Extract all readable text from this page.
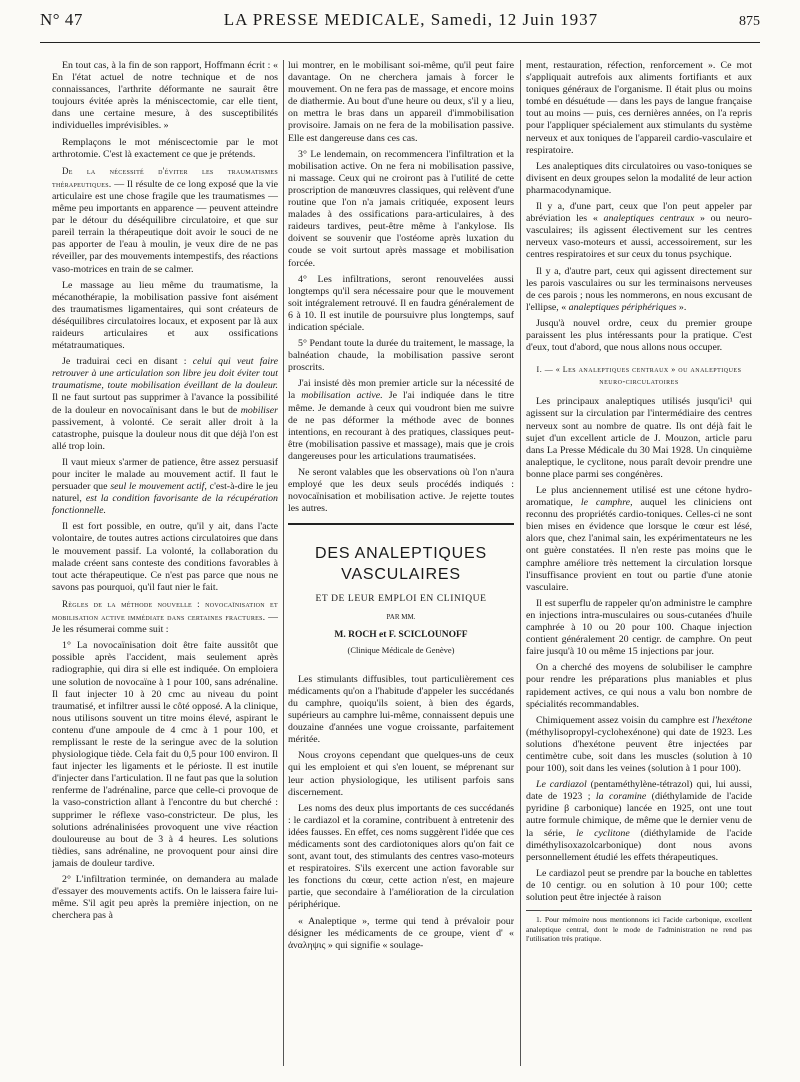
N° 47	LA PRESSE MEDICALE, Samedi, 12 Juin 1937	875

En tout cas, à la fin de son rapport, Hoffmann écrit : « En l'état actuel de notre technique et de nos connaissances, l'arthrite déformante ne saurait être toujours évitée après la méniscectomie, car elle tient, dans une certaine mesure, à des susceptibilités individuelles imprévisibles. »

Remplaçons le mot méniscectomie par le mot arthrotomie. C'est là exactement ce que je prétends.

De la nécessité d'éviter les traumatismes thérapeutiques. — Il résulte de ce long exposé que la vie articulaire est une chose fragile que les traumatismes — même peu importants en apparence — peuvent atteindre par le détour du déséquilibre circulatoire, et que sur pareil terrain la thérapeutique doit avoir le souci de ne pas apporter de l'eau à moulin, je veux dire de ne pas réveiller, par des mouvements intempestifs, des réactions vaso-motrices en train de se calmer.

Le massage au lieu même du traumatisme, la mécanothérapie, la mobilisation passive font aisément des traumatismes ligamentaires, qui sont créateurs de déséquilibres circulatoires locaux, et exposent par là aux raideurs articulaires et aux ossifications métatraumatiques.

Je traduirai ceci en disant : celui qui veut faire retrouver à une articulation son libre jeu doit éviter tout traumatisme, toute mobilisation éveillant de la douleur. Il ne faut surtout pas supprimer à l'avance la possibilité de la douleur en novocaïnisant dans le but de mobiliser passivement, à volonté. Ce serait aller droit à la catastrophe, puisque la douleur nous dit que déjà l'on est allé trop loin.

Il vaut mieux s'armer de patience, être assez persuasif pour inciter le malade au mouvement actif. Il faut le persuader que seul le mouvement actif, c'est-à-dire le jeu naturel, est la condition favorisante de la récupération fonctionnelle.

Il est fort possible, en outre, qu'il y ait, dans l'acte volontaire, de toutes autres actions circulatoires que dans le mouvement passif. La volonté, la collaboration du malade créent sans conteste des conditions favorables à tout acte thérapeutique. Ce n'est pas parce que nous ne savons pas pourquoi, qu'il faut nier le fait.

Règles de la méthode nouvelle : novocaïnisation et mobilisation active immédiate dans certaines fractures. — Je les résumerai comme suit :

1° La novocaïnisation doit être faite aussitôt que possible après l'accident, mais seulement après radiographie, qui dira si elle est indiquée. On emploiera une solution de novocaïne à 1 pour 100, sans adrénaline. Il faut injecter 10 à 20 cmc au niveau du point traumatisé, et infiltrer aussi le côté opposé. A la clinique, nous utilisons souvent un titre moins élevé, aspirant le contenu d'une ampoule de 4 cmc à 1 pour 100, et remplissant le reste de la seringue avec de la solution physiologique tiède. Cela fait du 0,5 pour 100 environ. Il faut injecter les ligaments et le périoste. Il est inutile d'injecter dans l'articulation. Il ne faut pas que la solution renferme de l'adrénaline, parce que celle-ci provoque de la vaso-constriction allant à l'encontre du but cherché : supprimer le réflexe vaso-constricteur. De plus, les solutions adrénalinisées provoquent une vive réaction douloureuse au bout de 3 à 4 heures. Les solutions tièdies, sans adrénaline, ne provoquent pour ainsi dire jamais de douleur tardive.

2° L'infiltration terminée, on demandera au malade d'essayer des mouvements actifs. On le laissera faire lui-même. S'il agit peu après la première injection, on ne cherchera pas à

lui montrer, en le mobilisant soi-même, qu'il peut faire davantage. On ne cherchera jamais à forcer le mouvement. On ne fera pas de massage, et encore moins de diathermie. Au bout d'une heure ou deux, s'il y a lieu, on mettra le bras dans un appareil d'immobilisation provisoire. Jamais on ne fera de la mobilisation passive. Elle est dangereuse dans ces cas.

3° Le lendemain, on recommencera l'infiltration et la mobilisation active. On ne fera ni mobilisation passive, ni massage. Ceux qui ne croiront pas à l'utilité de cette proscription de manœuvres classiques, qui relèvent d'une routine que l'on n'a jamais critiquée, exposent leurs malades à des ossifications para-articulaires, à des raideurs tardives, peut-être même à l'ankylose. Ils doivent se souvenir que l'ostéome après luxation du coude se voit surtout après massage et mobilisation forcée.

4° Les infiltrations, seront renouvelées aussi longtemps qu'il sera nécessaire pour que le mouvement soit intégralement retrouvé. Il en faudra généralement de 6 à 10. Il est inutile de poursuivre plus longtemps, sauf indication spéciale.

5° Pendant toute la durée du traitement, le massage, la balnéation chaude, la mobilisation passive seront proscrits.

J'ai insisté dès mon premier article sur la nécessité de la mobilisation active. Je l'ai indiquée dans le titre même. Je demande à ceux qui voudront bien me suivre de ne pas déformer la méthode avec de bonnes intentions, en recourant à des pratiques, classiques peut-être (mobilisation passive et massage), mais que je crois dangereuses pour les articulations traumatisées.

Ne seront valables que les observations où l'on n'aura employé que les deux seuls procédés indiqués : novocaïnisation et mobilisation active. Je rejette toutes les autres.

DES ANALEPTIQUES
VASCULAIRES
ET DE LEUR EMPLOI EN CLINIQUE
PAR MM.
M. ROCH et F. SCICLOUNOFF
(Clinique Médicale de Genève)

Les stimulants diffusibles, tout particulièrement ces médicaments qu'on a l'habitude d'appeler les succédanés du camphre, quoiqu'ils soient, à bien des égards, supérieurs au camphre lui-même, connaissent depuis une douzaine d'années une vogue croissante, parfaitement méritée.

Nous croyons cependant que quelques-uns de ceux qui les emploient et qui s'en louent, se méprenant sur leur action physiologique, les utilisent parfois sans discernement.

Les noms des deux plus importants de ces succédanés : le cardiazol et la coramine, contribuent à entretenir des idées fausses. En effet, ces noms suggèrent l'idée que ces médicaments sont des cardiotoniques alors qu'on fait ce sont, avant tout, des stimulants des centres vaso-moteurs et respiratoires. S'ils exercent une action favorable sur les fonctions du cœur, cette action n'est, en majeure partie, que secondaire à l'amélioration de la circulation périphérique.

« Analeptique », terme qui tend à prévaloir pour désigner les médicaments de ce groupe, vient d' « ἀναληψις » qui signifie « soulage-

ment, restauration, réfection, renforcement ». Ce mot s'appliquait autrefois aux aliments fortifiants et aux toniques généraux de l'organisme. Il était plus ou moins tombé en désuétude — dans les pays de langue française tout au moins — puis, ces dernières années, on l'a repris pour l'appliquer spécialement aux stimulants du système nerveux et aux toniques de l'appareil cardio-vasculaire et respiratoire.

Les analeptiques dits circulatoires ou vaso-toniques se divisent en deux groupes selon la modalité de leur action pharmacodynamique.

Il y a, d'une part, ceux que l'on peut appeler par abréviation les « analeptiques centraux » ou neuro-vasculaires; ils agissent électivement sur les centres nerveux vaso-moteurs et aussi, accessoirement, sur les centres respiratoires et sur ceux du tonus psychique.

Il y a, d'autre part, ceux qui agissent directement sur les parois vasculaires ou sur les terminaisons nerveuses de ces parois ; nous les nommerons, en nous excusant de l'ellipse, « analeptiques périphériques ».

Jusqu'à nouvel ordre, ceux du premier groupe paraissent les plus intéressants pour la pratique. C'est d'eux, tout d'abord, que nous allons nous occuper.

I. — « Les analeptiques centraux » ou analeptiques neuro-circulatoires

Les principaux analeptiques utilisés jusqu'ici¹ qui agissent sur la circulation par l'intermédiaire des centres nerveux sont au nombre de quatre. Ils ont déjà fait le sujet d'un excellent article de J. Mouzon, article paru dans La Presse Médicale du 30 Mai 1928. Un cinquième analeptique, le cyclitone, nous paraît devoir prendre une bonne place parmi ses congénères.

Le plus anciennement utilisé est une cétone hydro-aromatique, le camphre, auquel les cliniciens ont reconnu des propriétés cardio-toniques. Celles-ci ne sont bien mises en évidence que lorsque le cœur est lésé, alors que, chez l'animal sain, les expérimentateurs ne les ont guère constatées. Il n'en reste pas moins que le camphre améliore très nettement la circulation lorsque l'insuffisance provient en tout ou partie d'une atonie vasculaire.

Il est superflu de rappeler qu'on administre le camphre en injections intra-musculaires ou sous-cutanées d'huile camphrée à 10 ou 20 pour 100. Chaque injection contient généralement 20 centigr. de camphre. On peut faire jusqu'à 10 ou même 15 injections par jour.

On a cherché des moyens de solubiliser le camphre pour rendre les préparations plus maniables et plus rapidement actives, ce qui nous a valu bon nombre de spécialités recommandables.

Chimiquement assez voisin du camphre est l'hexétone (méthylisopropyl-cyclohexénone) qui date de 1923. Les solutions d'hexétone peuvent être injectées par centimètre cube, soit dans les muscles (solution à 10 pour 100), soit dans les veines (solution à 1 pour 100).

Le cardiazol (pentaméthylène-tétrazol) qui, lui aussi, date de 1923 ; la coramine (diéthylamide de l'acide pyridine β carbonique) lancée en 1925, ont une tout autre formule chimique, de même que le dernier venu de la série, le cyclitone (diéthylamide de l'acide diméthylisoxazolcarbonique) dont nous avons personnellement étudié les effets thérapeutiques.

Le cardiazol peut se prendre par la bouche en tablettes de 10 centigr. ou en solution à 10 pour 100; cette solution peut être injectée à raison

1. Pour mémoire nous mentionnons ici l'acide carbonique, excellent analeptique central, dont le mode de l'administration ne rend pas l'utilisation très pratique.
